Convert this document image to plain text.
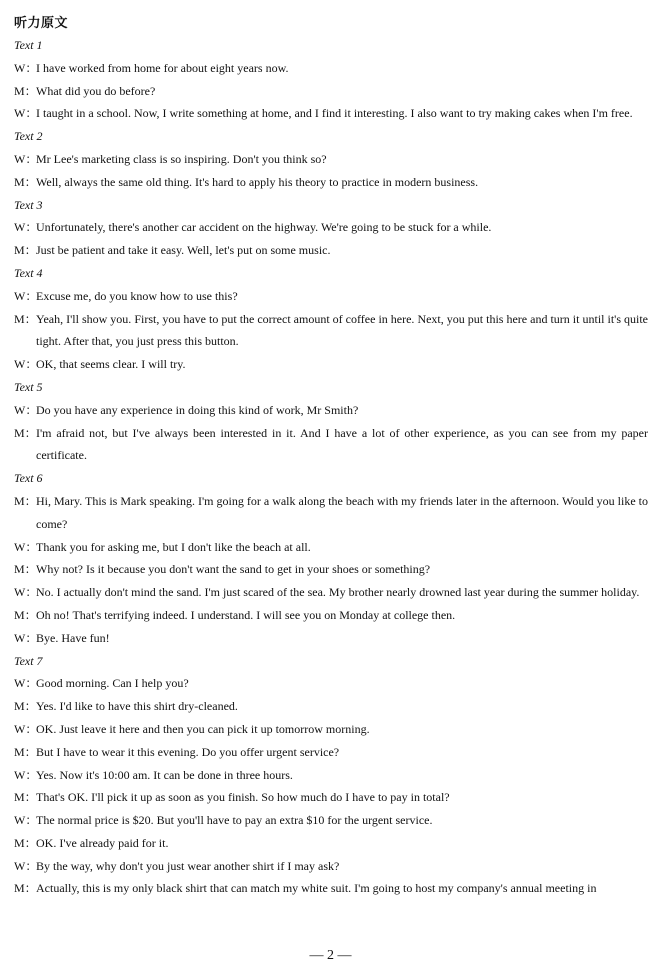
听力原文
Text 1
W：I have worked from home for about eight years now.
M：What did you do before?
W：I taught in a school. Now, I write something at home, and I find it interesting. I also want to try making cakes when I'm free.
Text 2
W：Mr Lee's marketing class is so inspiring. Don't you think so?
M：Well, always the same old thing. It's hard to apply his theory to practice in modern business.
Text 3
W：Unfortunately, there's another car accident on the highway. We're going to be stuck for a while.
M：Just be patient and take it easy. Well, let's put on some music.
Text 4
W：Excuse me, do you know how to use this?
M：Yeah, I'll show you. First, you have to put the correct amount of coffee in here. Next, you put this here and turn it until it's quite tight. After that, you just press this button.
W：OK, that seems clear. I will try.
Text 5
W：Do you have any experience in doing this kind of work, Mr Smith?
M：I'm afraid not, but I've always been interested in it. And I have a lot of other experience, as you can see from my paper certificate.
Text 6
M：Hi, Mary. This is Mark speaking. I'm going for a walk along the beach with my friends later in the afternoon. Would you like to come?
W：Thank you for asking me, but I don't like the beach at all.
M：Why not? Is it because you don't want the sand to get in your shoes or something?
W：No. I actually don't mind the sand. I'm just scared of the sea. My brother nearly drowned last year during the summer holiday.
M：Oh no! That's terrifying indeed. I understand. I will see you on Monday at college then.
W：Bye. Have fun!
Text 7
W：Good morning. Can I help you?
M：Yes. I'd like to have this shirt dry-cleaned.
W：OK. Just leave it here and then you can pick it up tomorrow morning.
M：But I have to wear it this evening. Do you offer urgent service?
W：Yes. Now it's 10:00 am. It can be done in three hours.
M：That's OK. I'll pick it up as soon as you finish. So how much do I have to pay in total?
W：The normal price is $20. But you'll have to pay an extra $10 for the urgent service.
M：OK. I've already paid for it.
W：By the way, why don't you just wear another shirt if I may ask?
M：Actually, this is my only black shirt that can match my white suit. I'm going to host my company's annual meeting in
— 2 —
